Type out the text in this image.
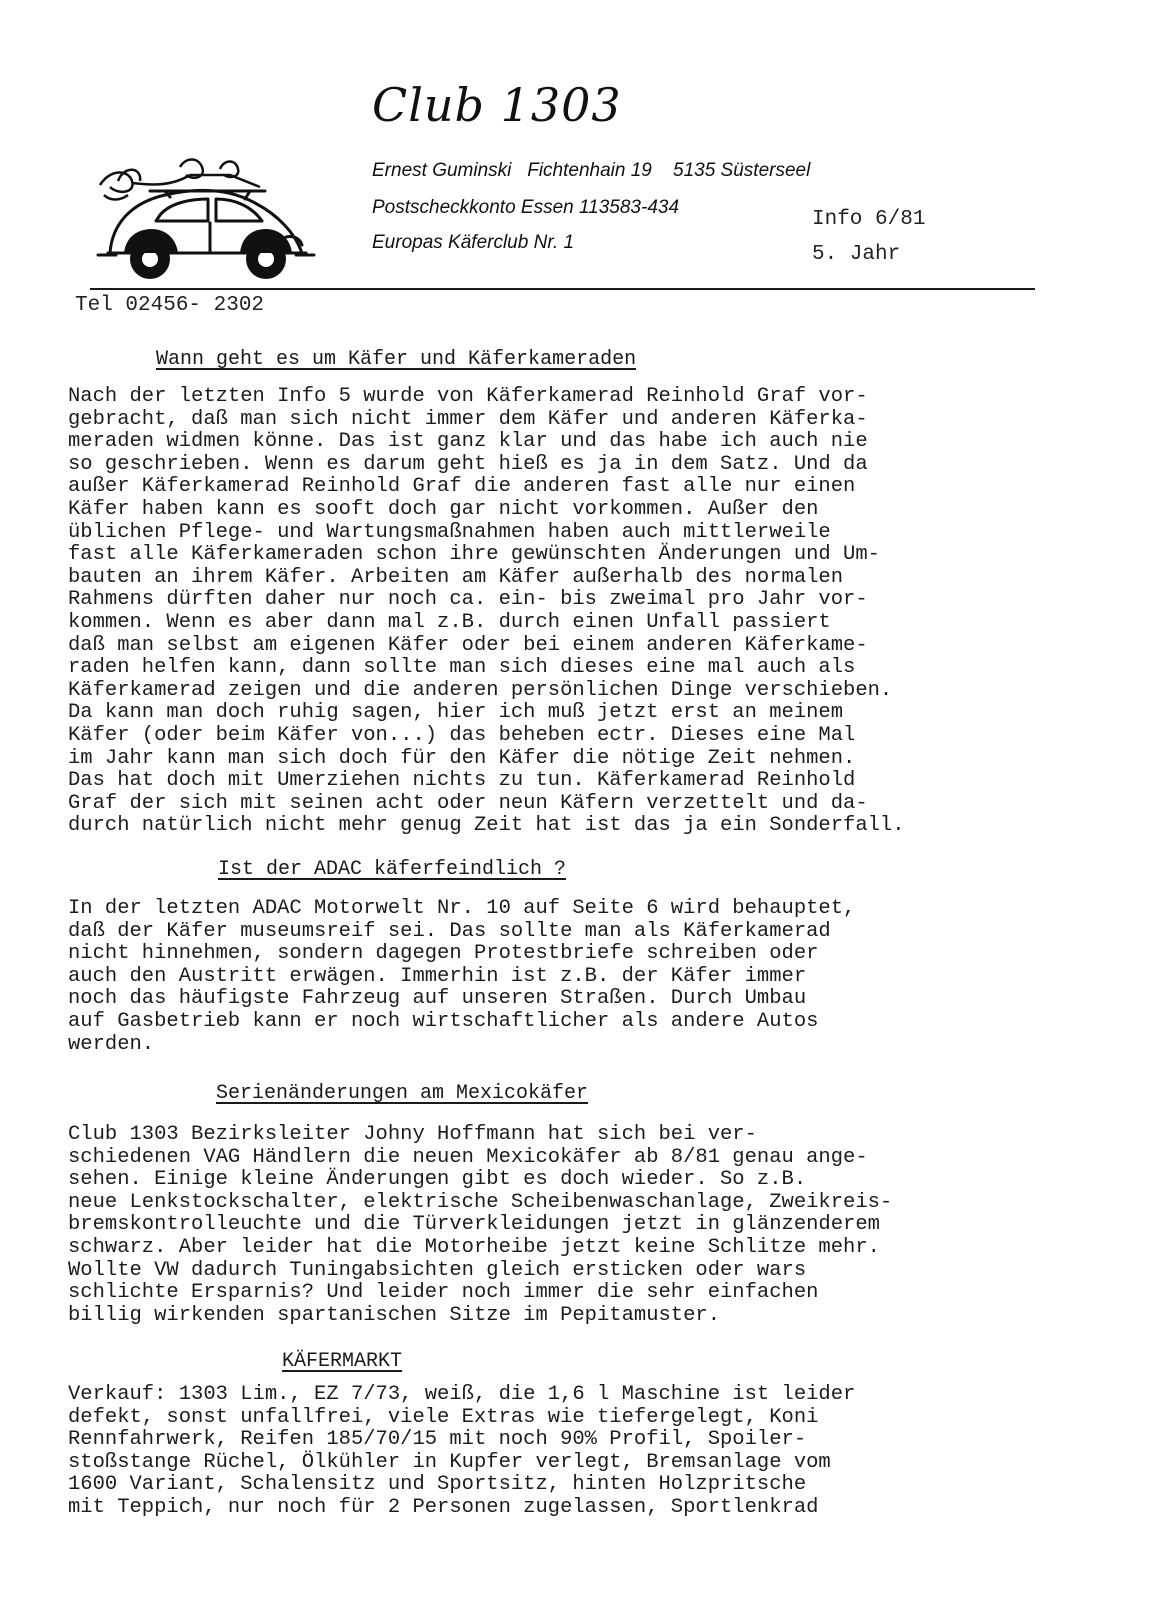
Club 1303
Ernest Guminski Fichtenhain 19 5135 Süsterseel
Postscheckkonto Essen 113583-434
Europas Käferclub Nr. 1
Info 6/81
5. Jahr
Tel 02456- 2302
Wann geht es um Käfer und Käferkameraden
Nach der letzten Info 5 wurde von Käferkamerad Reinhold Graf vor-
gebracht, daß man sich nicht immer dem Käfer und anderen Käferka-
meraden widmen könne. Das ist ganz klar und das habe ich auch nie
so geschrieben. Wenn es darum geht hieß es ja in dem Satz. Und da
außer Käferkamerad Reinhold Graf die anderen fast alle nur einen
Käfer haben kann es sooft doch gar nicht vorkommen. Außer den
üblichen Pflege- und Wartungsmaßnahmen haben auch mittlerweile
fast alle Käferkameraden schon ihre gewünschten Änderungen und Um-
bauten an ihrem Käfer. Arbeiten am Käfer außerhalb des normalen
Rahmens dürften daher nur noch ca. ein- bis zweimal pro Jahr vor-
kommen. Wenn es aber dann mal z.B. durch einen Unfall passiert
daß man selbst am eigenen Käfer oder bei einem anderen Käferkame-
raden helfen kann, dann sollte man sich dieses eine mal auch als
Käferkamerad zeigen und die anderen persönlichen Dinge verschieben.
Da kann man doch ruhig sagen, hier ich muß jetzt erst an meinem
Käfer (oder beim Käfer von...) das beheben ectr. Dieses eine Mal
im Jahr kann man sich doch für den Käfer die nötige Zeit nehmen.
Das hat doch mit Umerziehen nichts zu tun. Käferkamerad Reinhold
Graf der sich mit seinen acht oder neun Käfern verzettelt und da-
durch natürlich nicht mehr genug Zeit hat ist das ja ein Sonderfall.
Ist der ADAC käferfeindlich ?
In der letzten ADAC Motorwelt Nr. 10 auf Seite 6 wird behauptet,
daß der Käfer museumsreif sei. Das sollte man als Käferkamerad
nicht hinnehmen, sondern dagegen Protestbriefe schreiben oder
auch den Austritt erwägen. Immerhin ist z.B. der Käfer immer
noch das häufigste Fahrzeug auf unseren Straßen. Durch Umbau
auf Gasbetrieb kann er noch wirtschaftlicher als andere Autos
werden.
Serienänderungen am Mexicokäfer
Club 1303 Bezirksleiter Johny Hoffmann hat sich bei ver-
schiedenen VAG Händlern die neuen Mexicokäfer ab 8/81 genau ange-
sehen. Einige kleine Änderungen gibt es doch wieder. So z.B.
neue Lenkstockschalter, elektrische Scheibenwaschanlage, Zweikreis-
bremskontrolleuchte und die Türverkleidungen jetzt in glänzenderem
schwarz. Aber leider hat die Motorheibe jetzt keine Schlitze mehr.
Wollte VW dadurch Tuningabsichten gleich ersticken oder wars
schlichte Ersparnis? Und leider noch immer die sehr einfachen
billig wirkenden spartanischen Sitze im Pepitamuster.
KÄFERMARKT
Verkauf: 1303 Lim., EZ 7/73, weiß, die 1,6 l Maschine ist leider
defekt, sonst unfallfrei, viele Extras wie tiefergelegt, Koni
Rennfahrwerk, Reifen 185/70/15 mit noch 90% Profil, Spoiler-
stoßstange Rüchel, Ölkühler in Kupfer verlegt, Bremsanlage vom
1600 Variant, Schalensitz und Sportsitz, hinten Holzpritsche
mit Teppich, nur noch für 2 Personen zugelassen, Sportlenkrad
